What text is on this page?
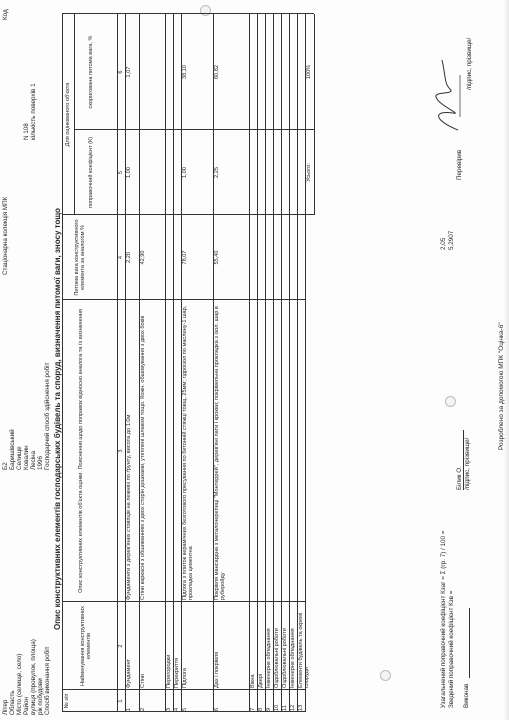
Стаціонарна колекція МПК
Код
Літер Область Місто (селище, село) Район вулиця (провулок, площа) рік побудови Спосіб виконання робіт
Б2 Баришівський Селище Ковалин Лесіна 1996 Господарчий спосіб здійснення робіт
N 108 кількість поверхів 1
Опис конструктивних елементів господарських будівель та споруд, визначення питомої ваги, зносу тощо
№ з/п
Найменування конструктивних елементів
Опис конструктивних елементів об'єкта оцінки. Пояснення щодо поправок відносно аналога та їх визначення
Питома вага конструктивного елемента за аналогом %
Для оцінюваного об'єкта
поправочний коефіцієнт (К)
скоригована питома вага, %
1
2
3
4
5
6
1
Фундамент
Фундаменти з дерев'яних стовпців на лежнях по ґрунту, висота до 1.0м
2,20
1,00
1,07
2
Стіни
Стіни каркасні з обшиванням з двох сторін дошками, утеплені шлаком тощо. Кожн. обшивування з двох боків
42,90
3
Перегородки
4
Перекриття
5
Підлога
Підлога з плиток керамічних безготового пресування по бетонній стяжці товщ. 25мм; гідроізол по маслину-1 шар, прокладка цементна
78,07
1,00
38,10
6
Дах і покрівля
Покрівля мансардна з металочерепиці "Монтеррей", дерев'яні лати і крокви; покрівельна прокладка з ізол. шар в руберойду
55,40
2,25
60,82
7
Вікна
8
Двері
9
Інженерне обладнання
10
Оздоблювальні роботи
11
Оздоблювальні роботи
12
Інженерне обладнання
13
Елементи будівель та окремі споруди
Усього:
100%
Узагальнений поправочний коефіцієнт Кзаг = Σ (гр. 7) / 100 =
2,05
Зведений поправочний коефіцієнт Кзв =
5,2907
Виконав
Білик О. /підпис, прізвище/
Перевірив
/підпис, прізвище/
Розроблено за допомогою МПК "Оцінка-6"
